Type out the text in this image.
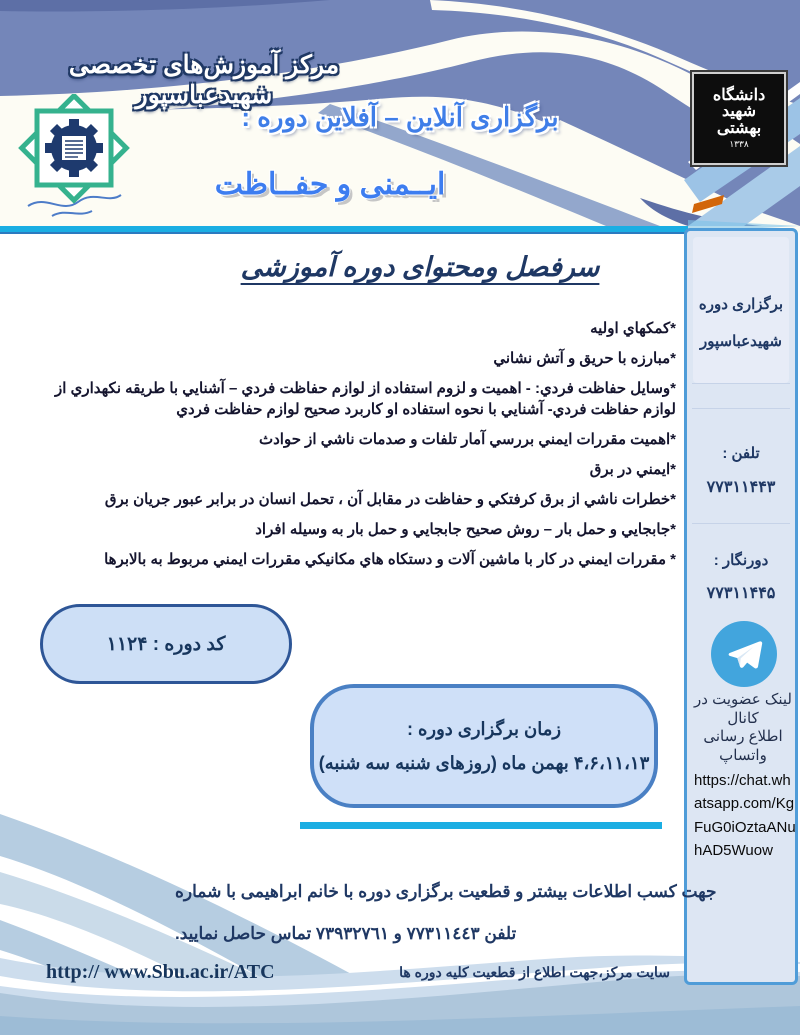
مرکز آموزش‌های تخصصی شهیدعباسپور
برگزاری آنلاین – آفلاین دوره :
ایــمنی و حفــاظت
دانشگاه
شهید
بهشتی
۱۳۳۸
برگزاری دوره
شهیدعباسپور
تلفن :
۷۷۳۱۱۴۴۳
دورنگار :
۷۷۳۱۱۴۴۵
لینک عضویت در کانال
اطلاع رسانی واتساپ
https://chat.whatsapp.com/KgFuG0iOztaANuhAD5Wuow
سرفصل ومحتوای دوره آموزشی
*کمکهاي اوليه
*مبارزه با حريق و آتش نشاني
*وسايل حفاظت فردي: - اهميت و لزوم استفاده از لوازم حفاظت فردي – آشنايي با طريقه نكهداري از لوازم حفاظت فردي- آشنايي با نحوه استفاده او كاربرد صحيح لوازم حفاظت فردي
*اهميت مقررات ايمني بررسي آمار تلفات و صدمات ناشي از حوادث
*ايمني در برق
*خطرات ناشي از برق كرفتكي و حفاظت در مقابل آن ، تحمل انسان در برابر عبور جريان برق
*جابجايي و حمل بار – روش صحيح جابجايي و حمل بار به وسيله افراد
* مقررات ايمني در كار با ماشين آلات و دستكاه هاي مكانيكي مقررات ايمني مربوط به بالابرها
کد دوره : ۱۱۲۴
زمان برگزاری دوره :
۴،۶،۱۱،۱۳ بهمن ماه (روزهای شنبه سه شنبه)
جهت کسب اطلاعات بیشتر و قطعیت برگزاری دوره با خانم ابراهیمی با شماره
تلفن ۷۷۳۱۱٤٤۳ و ۷۳۹۳۲۷٦۱ تماس حاصل نمایید.
http:// www.Sbu.ac.ir/ATC	سایت مرکز،جهت اطلاع از قطعیت کلیه دوره ها
